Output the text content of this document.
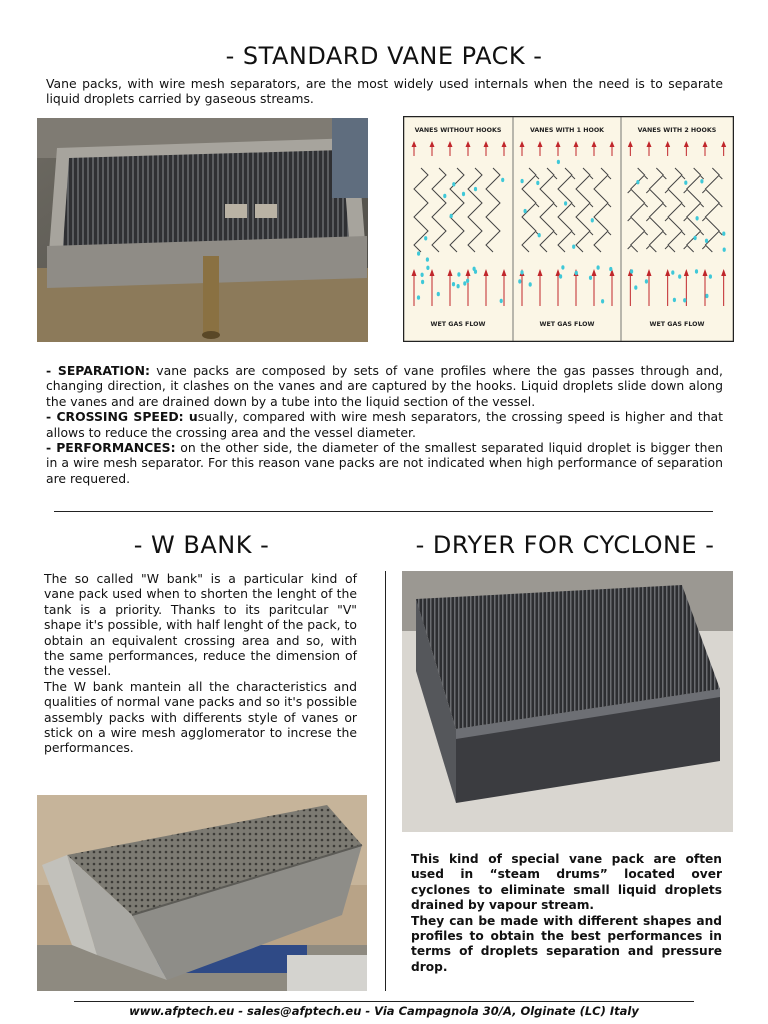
- STANDARD VANE PACK -
Vane packs, with wire mesh separators, are the most widely used internals when the need is to separate liquid droplets carried by gaseous streams.
VANES WITHOUT HOOKS	VANES WITH 1 HOOK	VANES WITH 2 HOOKS
WET GAS FLOW	WET GAS FLOW	WET GAS FLOW
- SEPARATION: vane packs are composed by sets of vane profiles where the gas passes through and, changing direction, it clashes on the vanes and are captured by the hooks. Liquid droplets slide down along the vanes and are drained down by a tube into the liquid section of the vessel.
- CROSSING SPEED: usually, compared with wire mesh separators, the crossing speed is higher and that allows to reduce the crossing area and the vessel diameter.
- PERFORMANCES: on the other side, the diameter of the smallest separated liquid droplet is bigger then in a wire mesh separator. For this reason vane packs are not indicated when high performance of separation are requered.
- W BANK -
The so called "W bank" is a particular kind of vane pack used when to shorten the lenght of the tank is a priority. Thanks to its paritcular "V" shape it's possible, with half lenght of the pack, to obtain an equivalent crossing area and so, with the same performances, reduce the dimension of the vessel.
The W bank mantein all the characteristics and qualities of normal vane packs and so it's possible assembly packs with differents style of vanes or stick on a wire mesh agglomerator to increse the performances.
- DRYER FOR CYCLONE -
This kind of special vane pack are often used in “steam drums” located over cyclones to eliminate small liquid droplets drained by vapour stream.
They can be made with different shapes and profiles to obtain the best performances in terms of droplets separation and pressure drop.
www.afptech.eu - sales@afptech.eu - Via Campagnola 30/A, Olginate (LC) Italy
